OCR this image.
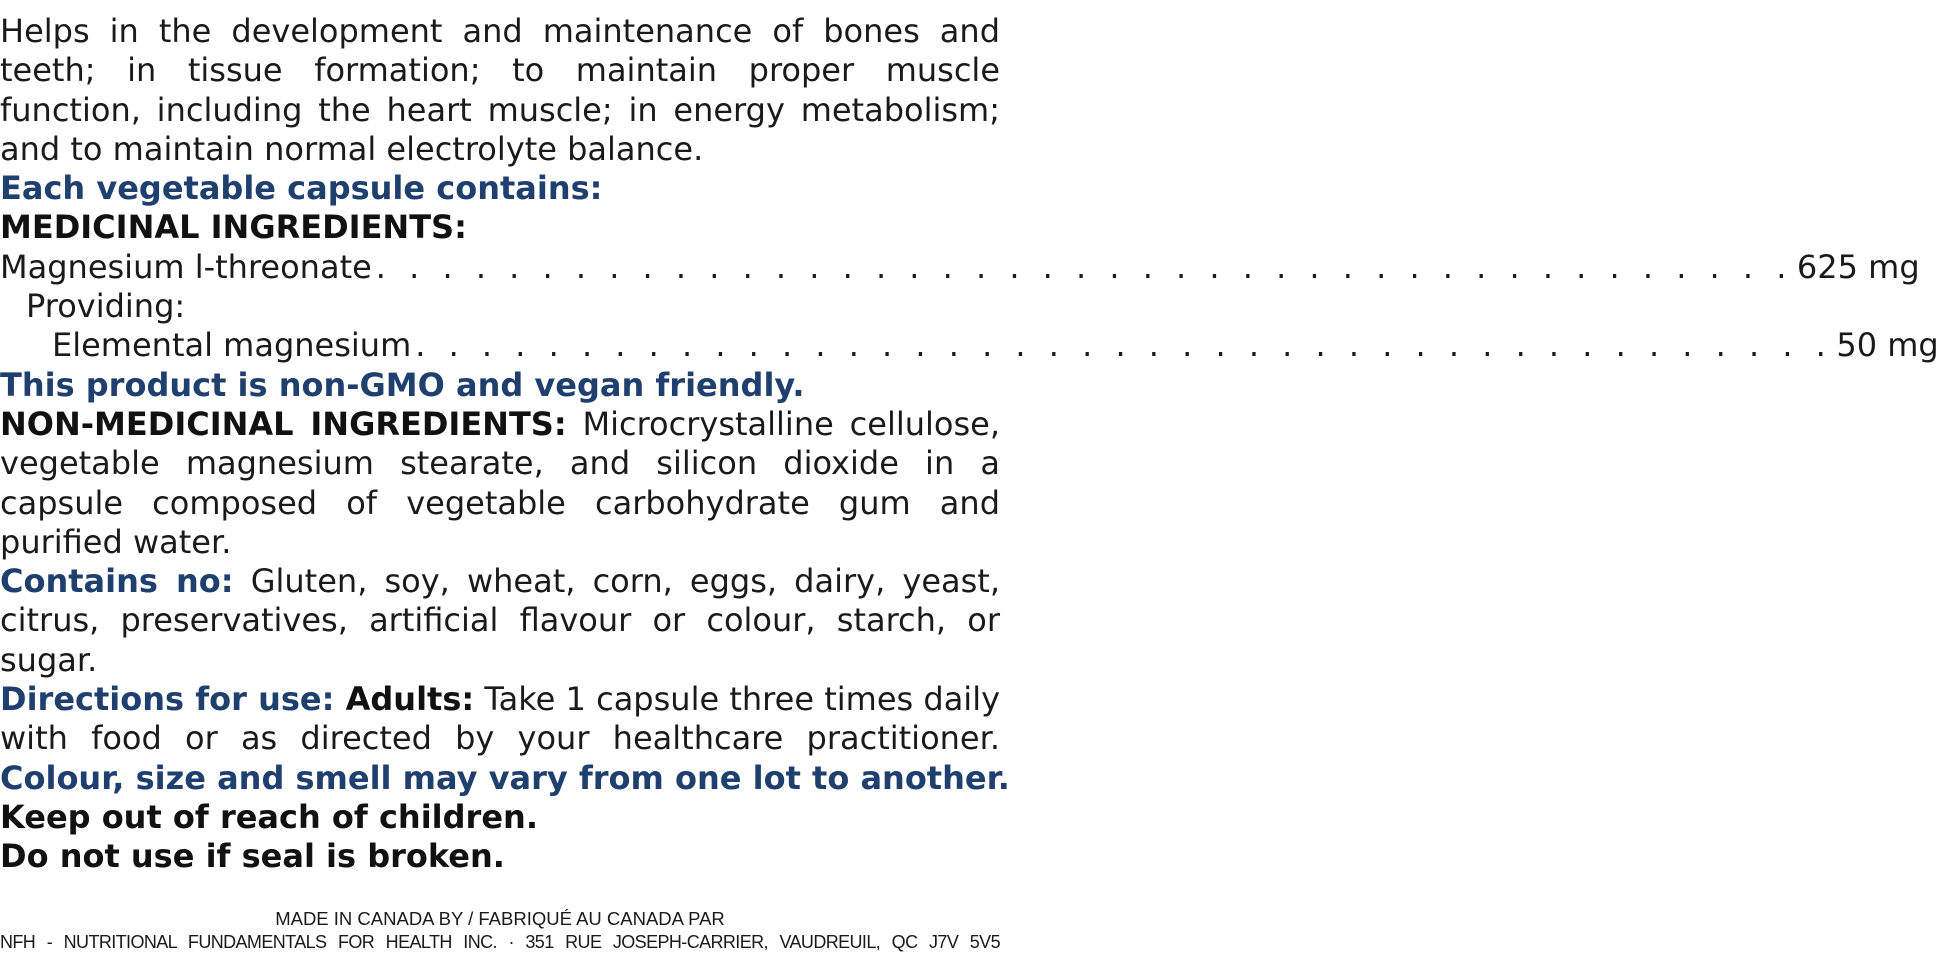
Helps in the development and maintenance of bones and
teeth; in tissue formation; to maintain proper muscle
function, including the heart muscle; in energy metabolism;
and to maintain normal electrolyte balance.
Each vegetable capsule contains:
MEDICINAL INGREDIENTS:
Magnesium l-threonate . . . . . . . . . . . . . . . . . . . . . . . . . . . . . . . . . . . . . . . . . . . 625 mg
Providing:
Elemental magnesium . . . . . . . . . . . . . . . . . . . . . . . . . . . . . . . . . . . . . . . . . . . 50 mg
This product is non-GMO and vegan friendly.
NON-MEDICINAL INGREDIENTS: Microcrystalline cellulose,
vegetable magnesium stearate, and silicon dioxide in a
capsule composed of vegetable carbohydrate gum and
purified water.
Contains no: Gluten, soy, wheat, corn, eggs, dairy, yeast,
citrus, preservatives, artificial flavour or colour, starch, or
sugar.
Directions for use: Adults: Take 1 capsule three times daily
with food or as directed by your healthcare practitioner.
Colour, size and smell may vary from one lot to another.
Keep out of reach of children.
Do not use if seal is broken.
MADE IN CANADA BY / FABRIQUÉ AU CANADA PAR
NFH - NUTRITIONAL FUNDAMENTALS FOR HEALTH INC. · 351 RUE JOSEPH-CARRIER, VAUDREUIL, QC J7V 5V5
